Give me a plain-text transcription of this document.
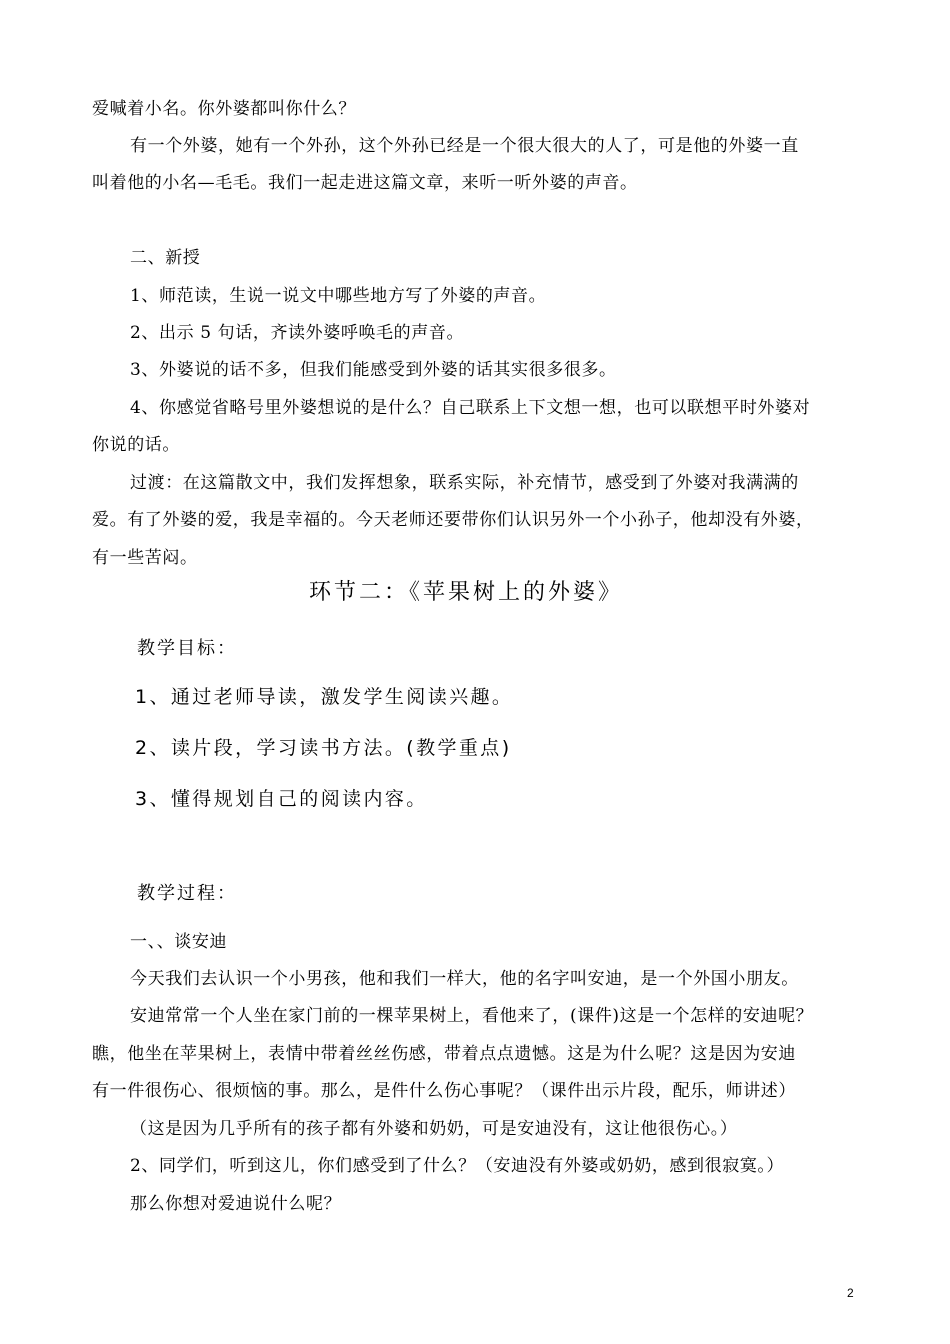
爱喊着小名。你外婆都叫你什么？
有一个外婆，她有一个外孙，这个外孙已经是一个很大很大的人了，可是他的外婆一直
叫着他的小名—毛毛。我们一起走进这篇文章，来听一听外婆的声音。
二、新授
1、师范读，生说一说文中哪些地方写了外婆的声音。
2、出示 5 句话，齐读外婆呼唤毛的声音。
3、外婆说的话不多，但我们能感受到外婆的话其实很多很多。
4、你感觉省略号里外婆想说的是什么？自己联系上下文想一想，也可以联想平时外婆对
你说的话。
过渡：在这篇散文中，我们发挥想象，联系实际，补充情节，感受到了外婆对我满满的
爱。有了外婆的爱，我是幸福的。今天老师还要带你们认识另外一个小孙子，他却没有外婆，
有一些苦闷。
环节二：《苹果树上的外婆》
教学目标：
1、通过老师导读，激发学生阅读兴趣。
2、读片段，学习读书方法。(教学重点)
3、懂得规划自己的阅读内容。
教学过程：
一、、谈安迪
今天我们去认识一个小男孩，他和我们一样大，他的名字叫安迪，是一个外国小朋友。
安迪常常一个人坐在家门前的一棵苹果树上，看他来了，(课件)这是一个怎样的安迪呢？
瞧，他坐在苹果树上，表情中带着丝丝伤感，带着点点遗憾。这是为什么呢？这是因为安迪
有一件很伤心、很烦恼的事。那么，是件什么伤心事呢？（课件出示片段，配乐，师讲述）
（这是因为几乎所有的孩子都有外婆和奶奶，可是安迪没有，这让他很伤心。）
2、同学们，听到这儿，你们感受到了什么？（安迪没有外婆或奶奶，感到很寂寞。）
那么你想对爱迪说什么呢？
2
